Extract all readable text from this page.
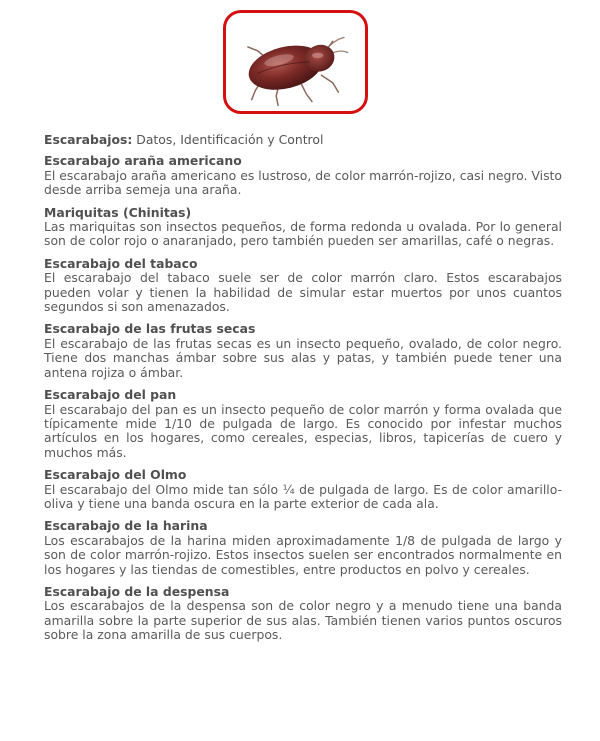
Escarabajos: Datos, Identificación y Control
Escarabajo araña americano

El escarabajo araña americano es lustroso, de color marrón-rojizo, casi negro. Visto desde arriba semeja una araña.

Mariquitas (Chinitas)

Las mariquitas son insectos pequeños, de forma redonda u ovalada. Por lo general son de color rojo o anaranjado, pero también pueden ser amarillas, café o negras.

Escarabajo del tabaco

El escarabajo del tabaco suele ser de color marrón claro. Estos escarabajos pueden volar y tienen la habilidad de simular estar muertos por unos cuantos segundos si son amenazados.

Escarabajo de las frutas secas

El escarabajo de las frutas secas es un insecto pequeño, ovalado, de color negro. Tiene dos manchas ámbar sobre sus alas y patas, y también puede tener una antena rojiza o ámbar.

Escarabajo del pan

El escarabajo del pan es un insecto pequeño de color marrón y forma ovalada que típicamente mide 1/10 de pulgada de largo. Es conocido por infestar muchos artículos en los hogares, como cereales, especias, libros, tapicerías de cuero y muchos más.

Escarabajo del Olmo

El escarabajo del Olmo mide tan sólo ¼ de pulgada de largo. Es de color amarillo-oliva y tiene una banda oscura en la parte exterior de cada ala.

Escarabajo de la harina

Los escarabajos de la harina miden aproximadamente 1/8 de pulgada de largo y son de color marrón-rojizo. Estos insectos suelen ser encontrados normalmente en los hogares y las tiendas de comestibles, entre productos en polvo y cereales.

Escarabajo de la despensa

Los escarabajos de la despensa son de color negro y a menudo tiene una banda amarilla sobre la parte superior de sus alas. También tienen varios puntos oscuros sobre la zona amarilla de sus cuerpos.
